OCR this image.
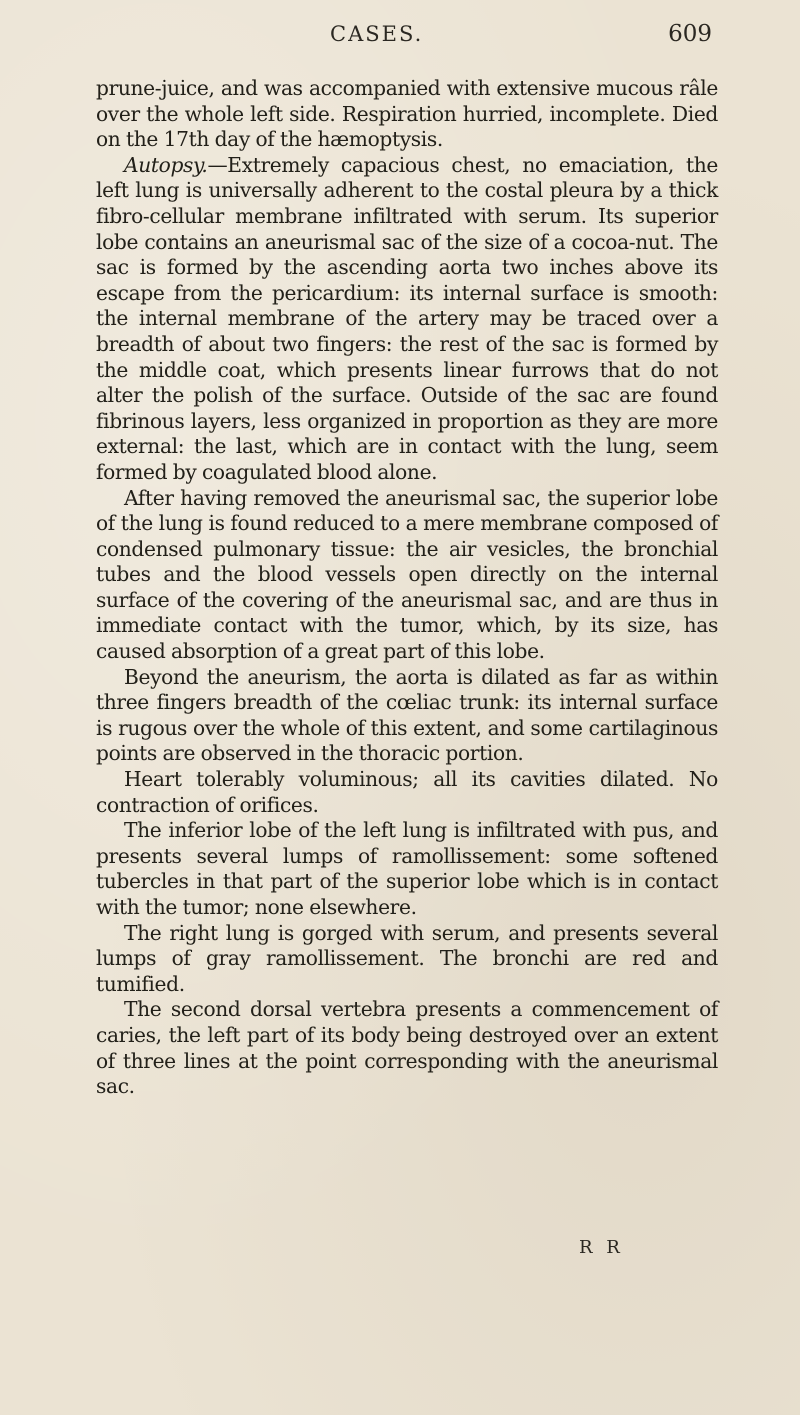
CASES.	609

prune-juice, and was accompanied with extensive mucous râle over the whole left side. Respiration hurried, incomplete. Died on the 17th day of the hæmoptysis.

Autopsy.—Extremely capacious chest, no emaciation, the left lung is universally adherent to the costal pleura by a thick fibro-cellular membrane infiltrated with serum. Its superior lobe contains an aneurismal sac of the size of a cocoa-nut. The sac is formed by the ascending aorta two inches above its escape from the pericardium: its internal surface is smooth: the internal membrane of the artery may be traced over a breadth of about two fingers: the rest of the sac is formed by the middle coat, which presents linear furrows that do not alter the polish of the surface. Outside of the sac are found fibrinous layers, less organized in proportion as they are more external: the last, which are in contact with the lung, seem formed by coagulated blood alone.

After having removed the aneurismal sac, the superior lobe of the lung is found reduced to a mere membrane composed of condensed pulmonary tissue: the air vesicles, the bronchial tubes and the blood vessels open directly on the internal surface of the covering of the aneurismal sac, and are thus in immediate contact with the tumor, which, by its size, has caused absorption of a great part of this lobe.

Beyond the aneurism, the aorta is dilated as far as within three fingers breadth of the cœliac trunk: its internal surface is rugous over the whole of this extent, and some cartilaginous points are observed in the thoracic portion.

Heart tolerably voluminous; all its cavities dilated. No contraction of orifices.

The inferior lobe of the left lung is infiltrated with pus, and presents several lumps of ramollissement: some softened tubercles in that part of the superior lobe which is in contact with the tumor; none elsewhere.

The right lung is gorged with serum, and presents several lumps of gray ramollissement. The bronchi are red and tumified.

The second dorsal vertebra presents a commencement of caries, the left part of its body being destroyed over an extent of three lines at the point corresponding with the aneurismal sac.

R R
